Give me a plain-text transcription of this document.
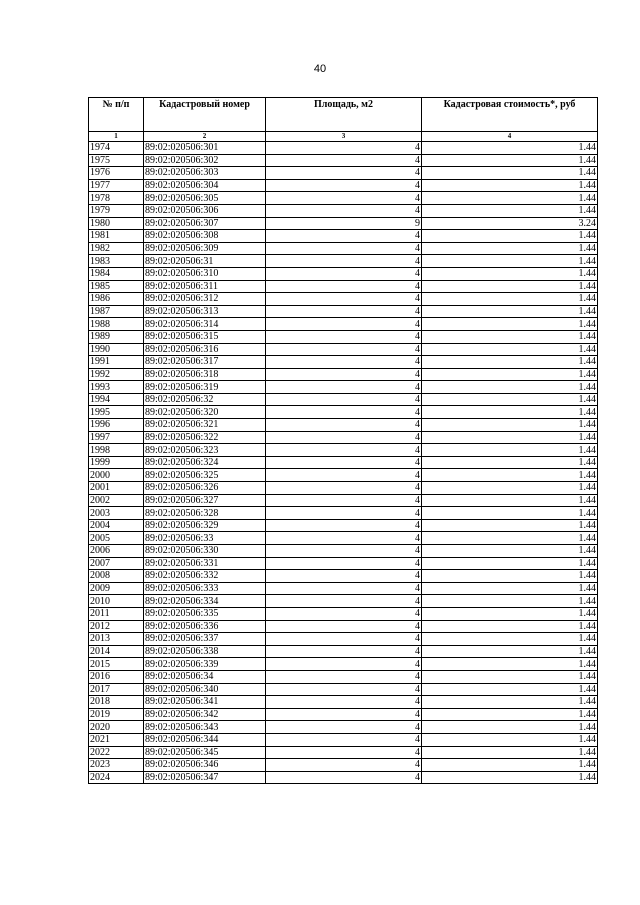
40
№ п/п	Кадастровый номер	Площадь, м2	Кадастровая стоимость*, руб
1	2	3	4
1974	89:02:020506:301	4	1.44
1975	89:02:020506:302	4	1.44
1976	89:02:020506:303	4	1.44
1977	89:02:020506:304	4	1.44
1978	89:02:020506:305	4	1.44
1979	89:02:020506:306	4	1.44
1980	89:02:020506:307	9	3.24
1981	89:02:020506:308	4	1.44
1982	89:02:020506:309	4	1.44
1983	89:02:020506:31	4	1.44
1984	89:02:020506:310	4	1.44
1985	89:02:020506:311	4	1.44
1986	89:02:020506:312	4	1.44
1987	89:02:020506:313	4	1.44
1988	89:02:020506:314	4	1.44
1989	89:02:020506:315	4	1.44
1990	89:02:020506:316	4	1.44
1991	89:02:020506:317	4	1.44
1992	89:02:020506:318	4	1.44
1993	89:02:020506:319	4	1.44
1994	89:02:020506:32	4	1.44
1995	89:02:020506:320	4	1.44
1996	89:02:020506:321	4	1.44
1997	89:02:020506:322	4	1.44
1998	89:02:020506:323	4	1.44
1999	89:02:020506:324	4	1.44
2000	89:02:020506:325	4	1.44
2001	89:02:020506:326	4	1.44
2002	89:02:020506:327	4	1.44
2003	89:02:020506:328	4	1.44
2004	89:02:020506:329	4	1.44
2005	89:02:020506:33	4	1.44
2006	89:02:020506:330	4	1.44
2007	89:02:020506:331	4	1.44
2008	89:02:020506:332	4	1.44
2009	89:02:020506:333	4	1.44
2010	89:02:020506:334	4	1.44
2011	89:02:020506:335	4	1.44
2012	89:02:020506:336	4	1.44
2013	89:02:020506:337	4	1.44
2014	89:02:020506:338	4	1.44
2015	89:02:020506:339	4	1.44
2016	89:02:020506:34	4	1.44
2017	89:02:020506:340	4	1.44
2018	89:02:020506:341	4	1.44
2019	89:02:020506:342	4	1.44
2020	89:02:020506:343	4	1.44
2021	89:02:020506:344	4	1.44
2022	89:02:020506:345	4	1.44
2023	89:02:020506:346	4	1.44
2024	89:02:020506:347	4	1.44
